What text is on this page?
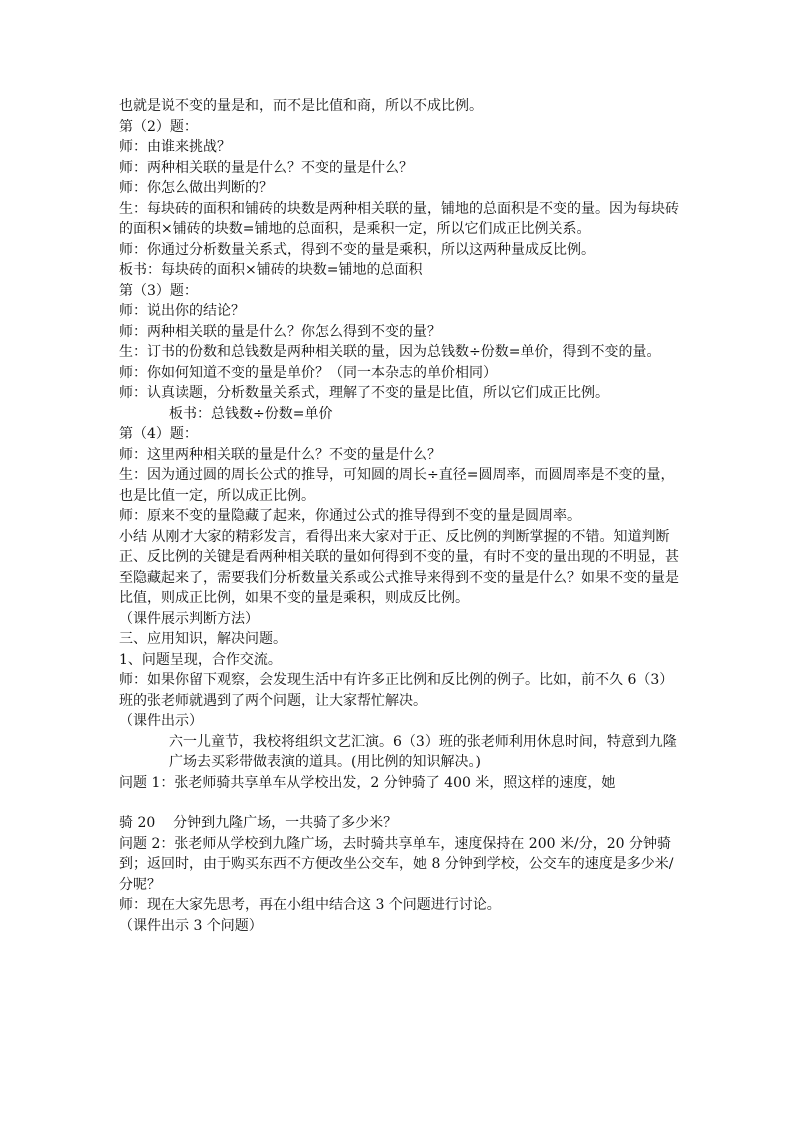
也就是说不变的量是和，而不是比值和商，所以不成比例。

第（2）题：

师：由谁来挑战？

师：两种相关联的量是什么？不变的量是什么？

师：你怎么做出判断的？

生：每块砖的面积和铺砖的块数是两种相关联的量，铺地的总面积是不变的量。因为每块砖的面积×铺砖的块数=铺地的总面积，是乘积一定，所以它们成正比例关系。

师：你通过分析数量关系式，得到不变的量是乘积，所以这两种量成反比例。

板书：每块砖的面积×铺砖的块数=铺地的总面积

第（3）题：

师：说出你的结论？

师：两种相关联的量是什么？你怎么得到不变的量？

生：订书的份数和总钱数是两种相关联的量，因为总钱数÷份数=单价，得到不变的量。

师：你如何知道不变的量是单价？（同一本杂志的单价相同）

师：认真读题，分析数量关系式，理解了不变的量是比值，所以它们成正比例。

板书：总钱数÷份数=单价

第（4）题：

师：这里两种相关联的量是什么？不变的量是什么？

生：因为通过圆的周长公式的推导，可知圆的周长÷直径=圆周率，而圆周率是不变的量，也是比值一定，所以成正比例。

师：原来不变的量隐藏了起来，你通过公式的推导得到不变的量是圆周率。

小结 从刚才大家的精彩发言，看得出来大家对于正、反比例的判断掌握的不错。知道判断正、反比例的关键是看两种相关联的量如何得到不变的量，有时不变的量出现的不明显，甚至隐藏起来了，需要我们分析数量关系或公式推导来得到不变的量是什么？如果不变的量是比值，则成正比例，如果不变的量是乘积，则成反比例。

（课件展示判断方法）

三、应用知识，解决问题。

1、问题呈现，合作交流。

师：如果你留下观察，会发现生活中有许多正比例和反比例的例子。比如，前不久 6（3）班的张老师就遇到了两个问题，让大家帮忙解决。

（课件出示）

六一儿童节，我校将组织文艺汇演。6（3）班的张老师利用休息时间，特意到九隆广场去买彩带做表演的道具。(用比例的知识解决。)

问题 1：张老师骑共享单车从学校出发，2 分钟骑了 400 米，照这样的速度，她

骑 20    分钟到九隆广场，一共骑了多少米？

问题 2：张老师从学校到九隆广场，去时骑共享单车，速度保持在 200 米/分，20 分钟骑到；返回时，由于购买东西不方便改坐公交车，她 8 分钟到学校，公交车的速度是多少米/分呢？

师：现在大家先思考，再在小组中结合这 3 个问题进行讨论。

（课件出示 3 个问题）
